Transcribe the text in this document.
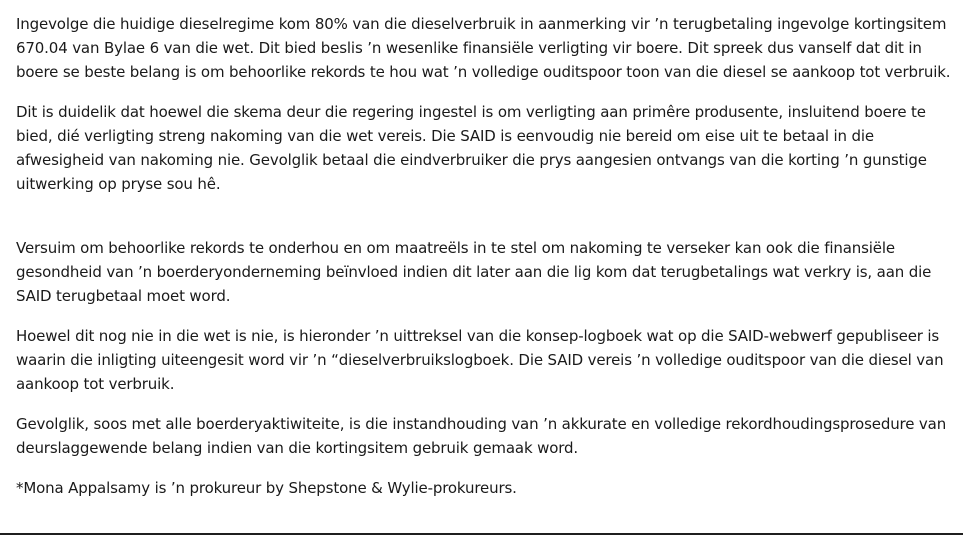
Ingevolge die huidige dieselregime kom 80% van die dieselverbruik in aanmerking vir ’n terugbetaling ingevolge kortingsitem 670.04 van Bylae 6 van die wet. Dit bied beslis ’n wesenlike finansiële verligting vir boere. Dit spreek dus vanself dat dit in boere se beste belang is om behoorlike rekords te hou wat ’n volledige ouditspoor toon van die diesel se aankoop tot verbruik.

Dit is duidelik dat hoewel die skema deur die regering ingestel is om verligting aan primêre produsente, insluitend boere te bied, dié verligting streng nakoming van die wet vereis. Die SAID is eenvoudig nie bereid om eise uit te betaal in die afwesigheid van nakoming nie. Gevolglik betaal die eindverbruiker die prys aangesien ontvangs van die korting ’n gunstige uitwerking op pryse sou hê.

Versuim om behoorlike rekords te onderhou en om maatreëls in te stel om nakoming te verseker kan ook die finansiële gesondheid van ’n boerderyonderneming beïnvloed indien dit later aan die lig kom dat terugbetalings wat verkry is, aan die SAID terugbetaal moet word.

Hoewel dit nog nie in die wet is nie, is hieronder ’n uittreksel van die konsep-logboek wat op die SAID-webwerf gepubliseer is waarin die inligting uiteengesit word vir ’n “dieselverbruikslogboek. Die SAID vereis ’n volledige ouditspoor van die diesel van aankoop tot verbruik.

Gevolglik, soos met alle boerderyaktiwiteite, is die instandhouding van ’n akkurate en volledige rekordhoudingsprosedure van deurslaggewende belang indien van die kortingsitem gebruik gemaak word.

*Mona Appalsamy is ’n prokureur by Shepstone & Wylie-prokureurs.
